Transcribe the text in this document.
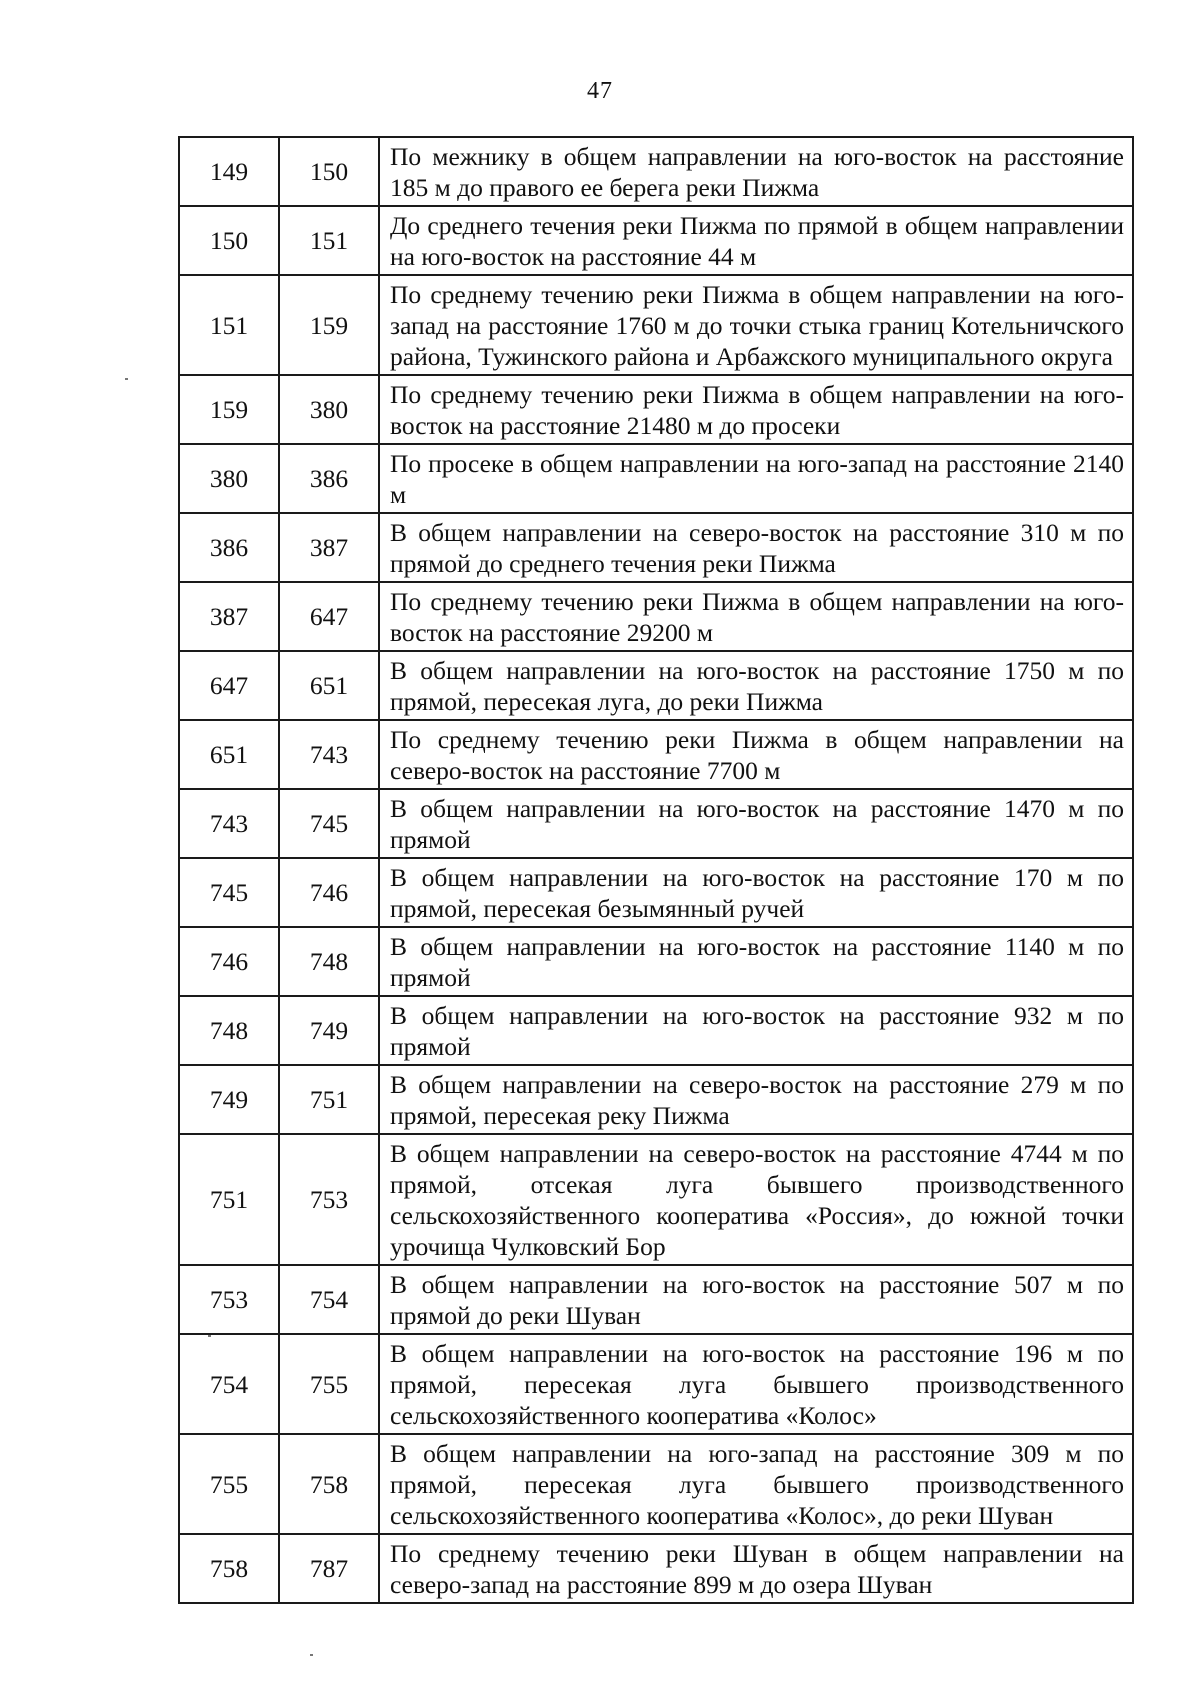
47
149	150	По межнику в общем направлении на юго-восток на расстояние 185 м до правого ее берега реки Пижма
150	151	До среднего течения реки Пижма по прямой в общем направлении на юго-восток на расстояние 44 м
151	159	По среднему течению реки Пижма в общем направлении на юго-запад на расстояние 1760 м до точки стыка границ Котельничского района, Тужинского района и Арбажского муниципального округа
159	380	По среднему течению реки Пижма в общем направлении на юго-восток на расстояние 21480 м до просеки
380	386	По просеке в общем направлении на юго-запад на расстояние 2140 м
386	387	В общем направлении на северо-восток на расстояние 310 м по прямой до среднего течения реки Пижма
387	647	По среднему течению реки Пижма в общем направлении на юго-восток на расстояние 29200 м
647	651	В общем направлении на юго-восток на расстояние 1750 м по прямой, пересекая луга, до реки Пижма
651	743	По среднему течению реки Пижма в общем направлении на северо-восток на расстояние 7700 м
743	745	В общем направлении на юго-восток на расстояние 1470 м по прямой
745	746	В общем направлении на юго-восток на расстояние 170 м по прямой, пересекая безымянный ручей
746	748	В общем направлении на юго-восток на расстояние 1140 м по прямой
748	749	В общем направлении на юго-восток на расстояние 932 м по прямой
749	751	В общем направлении на северо-восток на расстояние 279 м по прямой, пересекая реку Пижма
751	753	В общем направлении на северо-восток на расстояние 4744 м по прямой, отсекая луга бывшего производственного сельскохозяйственного кооператива «Россия», до южной точки урочища Чулковский Бор
753	754	В общем направлении на юго-восток на расстояние 507 м по прямой до реки Шуван
754	755	В общем направлении на юго-восток на расстояние 196 м по прямой, пересекая луга бывшего производственного сельскохозяйственного кооператива «Колос»
755	758	В общем направлении на юго-запад на расстояние 309 м по прямой, пересекая луга бывшего производственного сельскохозяйственного кооператива «Колос», до реки Шуван
758	787	По среднему течению реки Шуван в общем направлении на северо-запад на расстояние 899 м до озера Шуван
